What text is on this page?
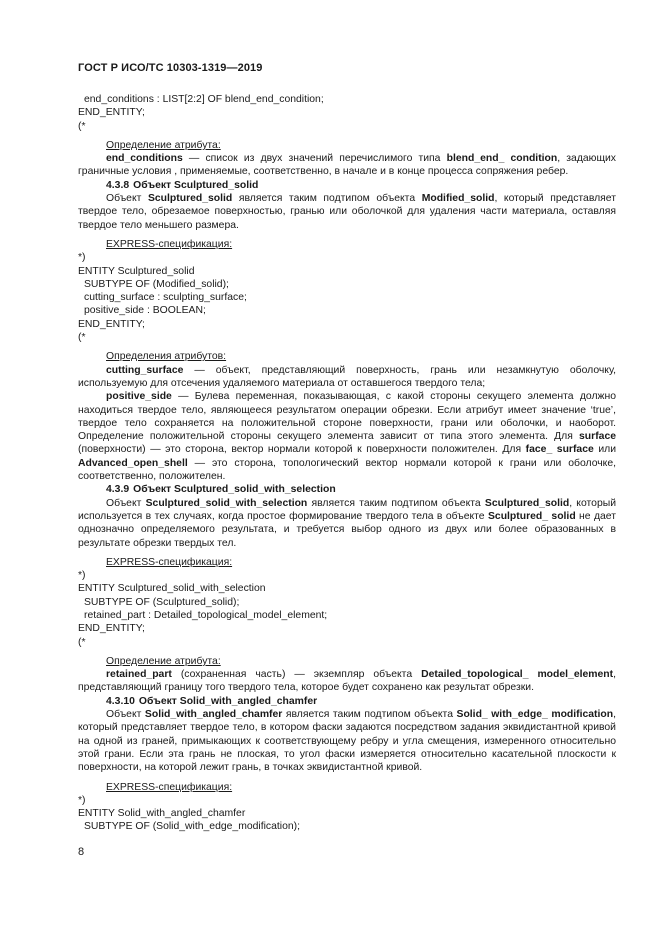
ГОСТ Р ИСО/ТС 10303-1319—2019
end_conditions : LIST[2:2] OF blend_end_condition;
END_ENTITY;
(*
Определение атрибута:
end_conditions — список из двух значений перечислимого типа blend_end_ condition, задающих граничные условия , применяемые, соответственно, в начале и в конце процесса сопряжения ребер.
4.3.8 Объект Sculptured_solid
Объект Sculptured_solid является таким подтипом объекта Modified_solid, который представляет твердое тело, обрезаемое поверхностью, гранью или оболочкой для удаления части материала, оставляя твердое тело меньшего размера.
EXPRESS-спецификация:
*)
ENTITY Sculptured_solid
SUBTYPE OF (Modified_solid);
cutting_surface : sculpting_surface;
positive_side : BOOLEAN;
END_ENTITY;
(*
Определения атрибутов:
cutting_surface — объект, представляющий поверхность, грань или незамкнутую оболочку, используемую для отсечения удаляемого материала от оставшегося твердого тела;
positive_side — Булева переменная, показывающая, с какой стороны секущего элемента должно находиться твердое тело, являющееся результатом операции обрезки. Если атрибут имеет значение ‘true’, твердое тело сохраняется на положительной стороне поверхности, грани или оболочки, и наоборот. Определение положительной стороны секущего элемента зависит от типа этого элемента. Для surface (поверхности) — это сторона, вектор нормали которой к поверхности положителен. Для face_ surface или Advanced_open_shell — это сторона, топологический вектор нормали которой к грани или оболочке, соответственно, положителен.
4.3.9 Объект Sculptured_solid_with_selection
Объект Sculptured_solid_with_selection является таким подтипом объекта Sculptured_solid, который используется в тех случаях, когда простое формирование твердого тела в объекте Sculptured_ solid не дает однозначно определяемого результата, и требуется выбор одного из двух или более образованных в результате обрезки твердых тел.
EXPRESS-спецификация:
*)
ENTITY Sculptured_solid_with_selection
SUBTYPE OF (Sculptured_solid);
retained_part : Detailed_topological_model_element;
END_ENTITY;
(*
Определение атрибута:
retained_part (сохраненная часть) — экземпляр объекта Detailed_topological_ model_element, представляющий границу того твердого тела, которое будет сохранено как результат обрезки.
4.3.10 Объект Solid_with_angled_chamfer
Объект Solid_with_angled_chamfer является таким подтипом объекта Solid_ with_edge_ modification, который представляет твердое тело, в котором фаски задаются посредством задания эквидистантной кривой на одной из граней, примыкающих к соответствующему ребру и угла смещения, измеренного относительно этой грани. Если эта грань не плоская, то угол фаски измеряется относительно касательной плоскости к поверхности, на которой лежит грань, в точках эквидистантной кривой.
EXPRESS-спецификация:
*)
ENTITY Solid_with_angled_chamfer
SUBTYPE OF (Solid_with_edge_modification);
8
